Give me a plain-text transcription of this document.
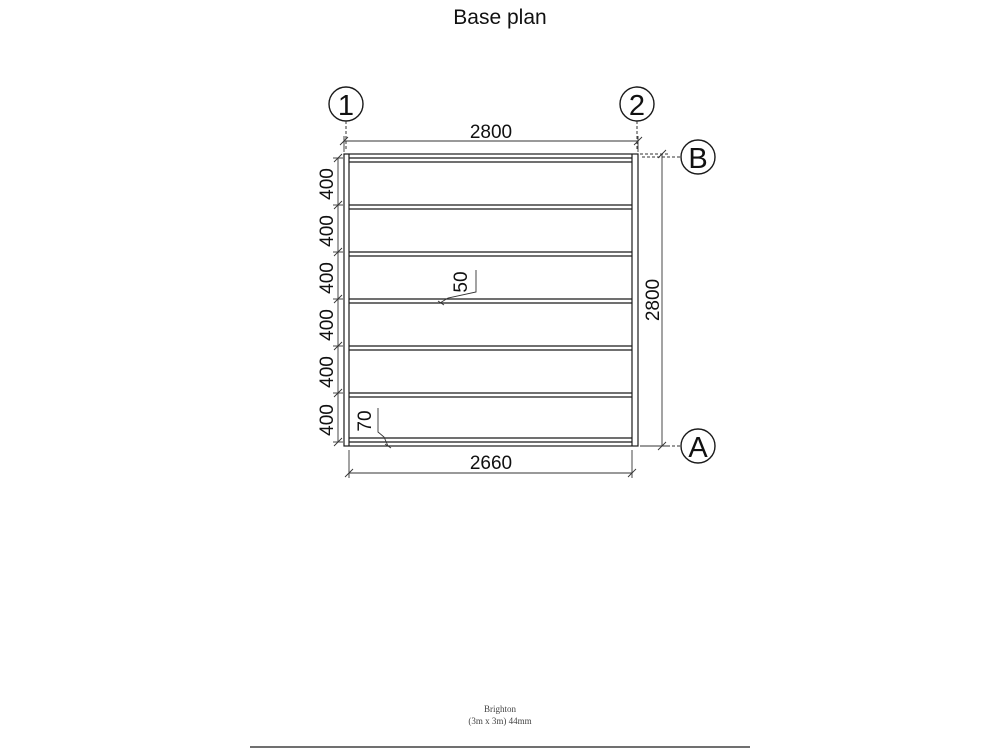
Base plan
1	2
B
A
2800
2660
2800
400
400
400
400
400
400
50
70
Brighton
(3m x 3m) 44mm
